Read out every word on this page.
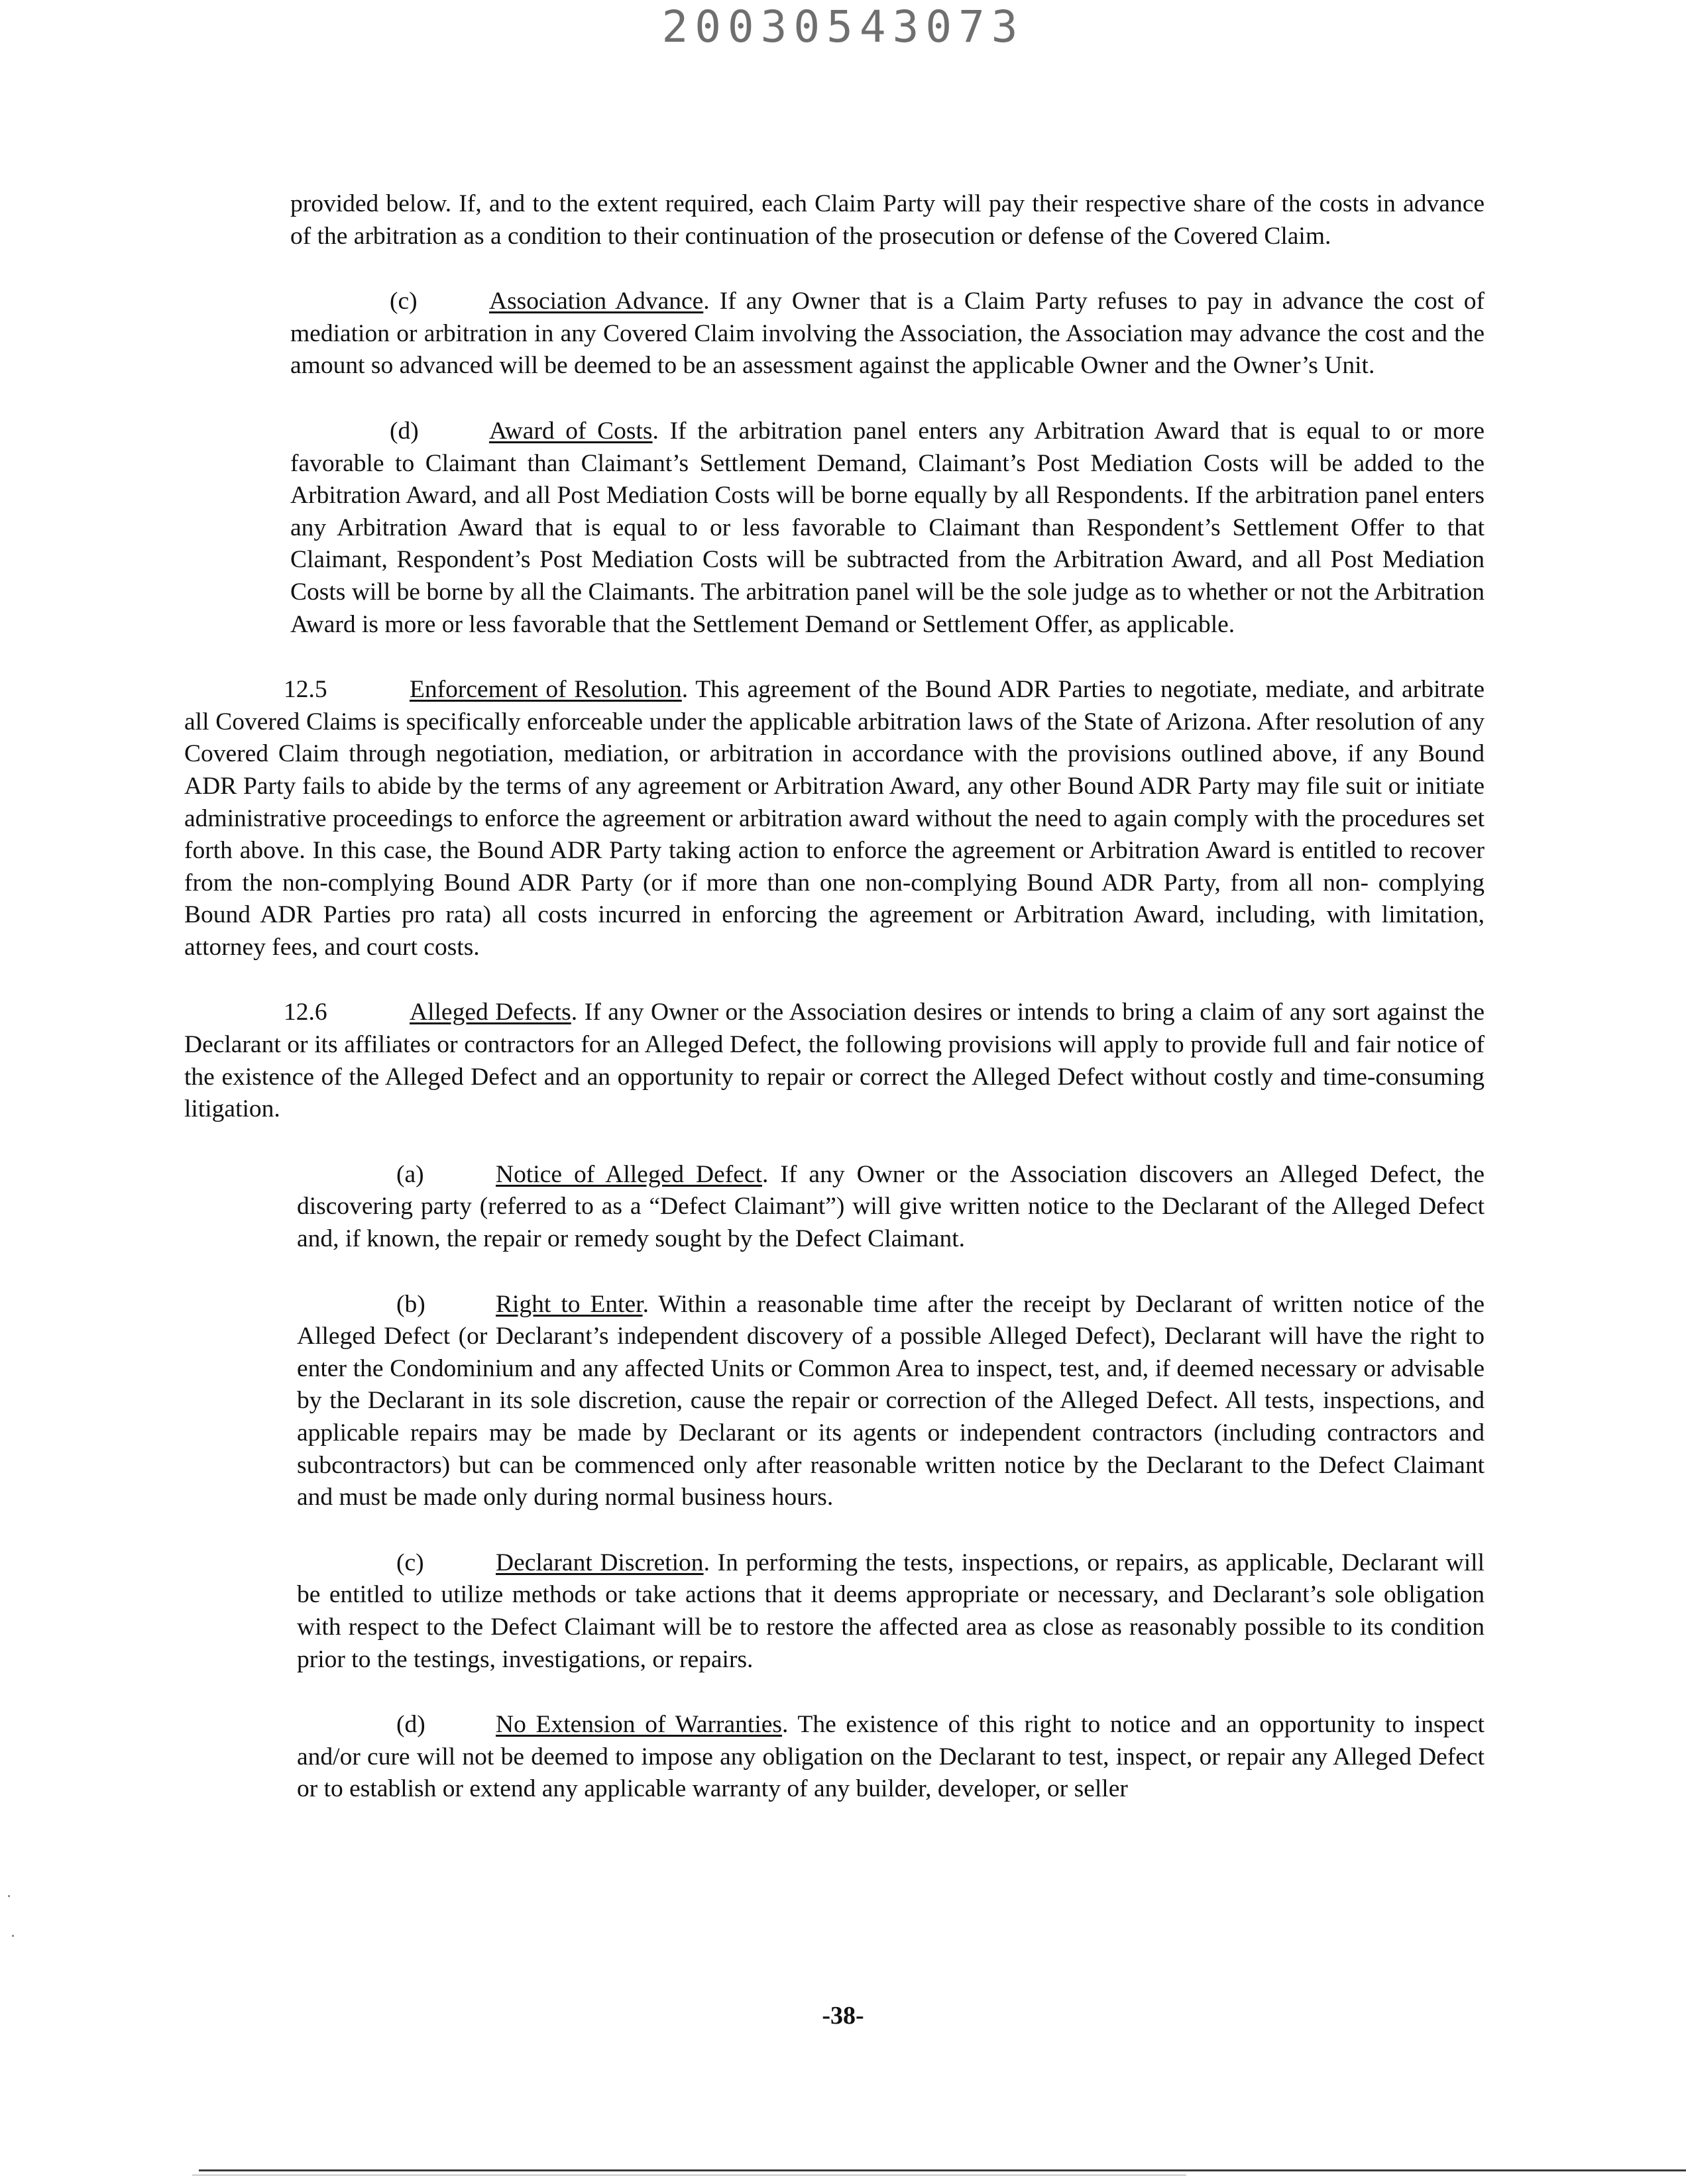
20030543073

provided below. If, and to the extent required, each Claim Party will pay their respective share of the costs in advance of the arbitration as a condition to their continuation of the prosecution or defense of the Covered Claim.

(c)	Association Advance. If any Owner that is a Claim Party refuses to pay in advance the cost of mediation or arbitration in any Covered Claim involving the Association, the Association may advance the cost and the amount so advanced will be deemed to be an assessment against the applicable Owner and the Owner’s Unit.

(d)	Award of Costs. If the arbitration panel enters any Arbitration Award that is equal to or more favorable to Claimant than Claimant’s Settlement Demand, Claimant’s Post Mediation Costs will be added to the Arbitration Award, and all Post Mediation Costs will be borne equally by all Respondents. If the arbitration panel enters any Arbitration Award that is equal to or less favorable to Claimant than Respondent’s Settlement Offer to that Claimant, Respondent’s Post Mediation Costs will be subtracted from the Arbitration Award, and all Post Mediation Costs will be borne by all the Claimants. The arbitration panel will be the sole judge as to whether or not the Arbitration Award is more or less favorable that the Settlement Demand or Settlement Offer, as applicable.

12.5	Enforcement of Resolution. This agreement of the Bound ADR Parties to negotiate, mediate, and arbitrate all Covered Claims is specifically enforceable under the applicable arbitration laws of the State of Arizona. After resolution of any Covered Claim through negotiation, mediation, or arbitration in accordance with the provisions outlined above, if any Bound ADR Party fails to abide by the terms of any agreement or Arbitration Award, any other Bound ADR Party may file suit or initiate administrative proceedings to enforce the agreement or arbitration award without the need to again comply with the procedures set forth above. In this case, the Bound ADR Party taking action to enforce the agreement or Arbitration Award is entitled to recover from the non-complying Bound ADR Party (or if more than one non-complying Bound ADR Party, from all non- complying Bound ADR Parties pro rata) all costs incurred in enforcing the agreement or Arbitration Award, including, with limitation, attorney fees, and court costs.

12.6	Alleged Defects. If any Owner or the Association desires or intends to bring a claim of any sort against the Declarant or its affiliates or contractors for an Alleged Defect, the following provisions will apply to provide full and fair notice of the existence of the Alleged Defect and an opportunity to repair or correct the Alleged Defect without costly and time-consuming litigation.

(a)	Notice of Alleged Defect. If any Owner or the Association discovers an Alleged Defect, the discovering party (referred to as a “Defect Claimant”) will give written notice to the Declarant of the Alleged Defect and, if known, the repair or remedy sought by the Defect Claimant.

(b)	Right to Enter. Within a reasonable time after the receipt by Declarant of written notice of the Alleged Defect (or Declarant’s independent discovery of a possible Alleged Defect), Declarant will have the right to enter the Condominium and any affected Units or Common Area to inspect, test, and, if deemed necessary or advisable by the Declarant in its sole discretion, cause the repair or correction of the Alleged Defect. All tests, inspections, and applicable repairs may be made by Declarant or its agents or independent contractors (including contractors and subcontractors) but can be commenced only after reasonable written notice by the Declarant to the Defect Claimant and must be made only during normal business hours.

(c)	Declarant Discretion. In performing the tests, inspections, or repairs, as applicable, Declarant will be entitled to utilize methods or take actions that it deems appropriate or necessary, and Declarant’s sole obligation with respect to the Defect Claimant will be to restore the affected area as close as reasonably possible to its condition prior to the testings, investigations, or repairs.

(d)	No Extension of Warranties. The existence of this right to notice and an opportunity to inspect and/or cure will not be deemed to impose any obligation on the Declarant to test, inspect, or repair any Alleged Defect or to establish or extend any applicable warranty of any builder, developer, or seller

-38-
